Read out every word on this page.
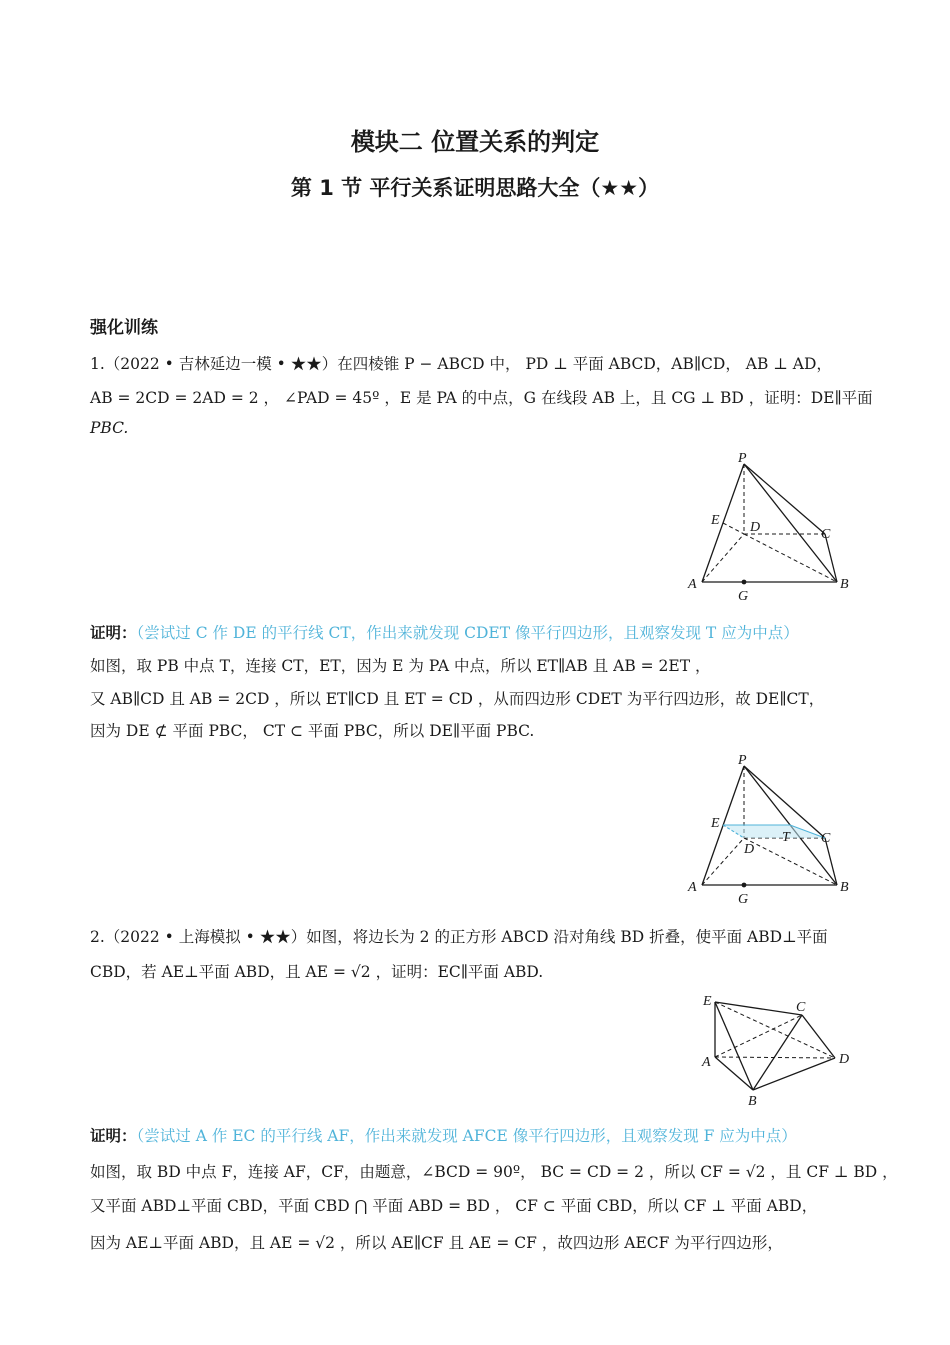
模块二 位置关系的判定
第 1 节 平行关系证明思路大全（★★）
强化训练
1.（2022 • 吉林延边一模 • ★★）在四棱锥 P − ABCD 中， PD ⊥ 平面 ABCD，AB∥CD， AB ⊥ AD，
AB = 2CD = 2AD = 2 ， ∠PAD = 45º ，E 是 PA 的中点，G 在线段 AB 上，且 CG ⊥ BD ，证明：DE∥平面
PBC.
P
E D	C
A	B
G
证明：（尝试过 C 作 DE 的平行线 CT，作出来就发现 CDET 像平行四边形，且观察发现 T 应为中点）
如图，取 PB 中点 T，连接 CT，ET，因为 E 为 PA 中点，所以 ET∥AB 且 AB = 2ET ，
又 AB∥CD 且 AB = 2CD ，所以 ET∥CD 且 ET = CD ，从而四边形 CDET 为平行四边形，故 DE∥CT，
因为 DE ⊄ 平面 PBC， CT ⊂ 平面 PBC，所以 DE∥平面 PBC.
P
E
T
D
C
A	B
G
2.（2022 • 上海模拟 • ★★）如图，将边长为 2 的正方形 ABCD 沿对角线 BD 折叠，使平面 ABD⊥平面
CBD，若 AE⊥平面 ABD，且 AE = √2 ，证明：EC∥平面 ABD.
E	C
A	D
B
证明：（尝试过 A 作 EC 的平行线 AF，作出来就发现 AFCE 像平行四边形，且观察发现 F 应为中点）
如图，取 BD 中点 F，连接 AF，CF，由题意，∠BCD = 90º， BC = CD = 2 ，所以 CF = √2 ，且 CF ⊥ BD ，
又平面 ABD⊥平面 CBD，平面 CBD ⋂ 平面 ABD = BD ， CF ⊂ 平面 CBD，所以 CF ⊥ 平面 ABD，
因为 AE⊥平面 ABD，且 AE = √2 ，所以 AE∥CF 且 AE = CF ，故四边形 AECF 为平行四边形，
